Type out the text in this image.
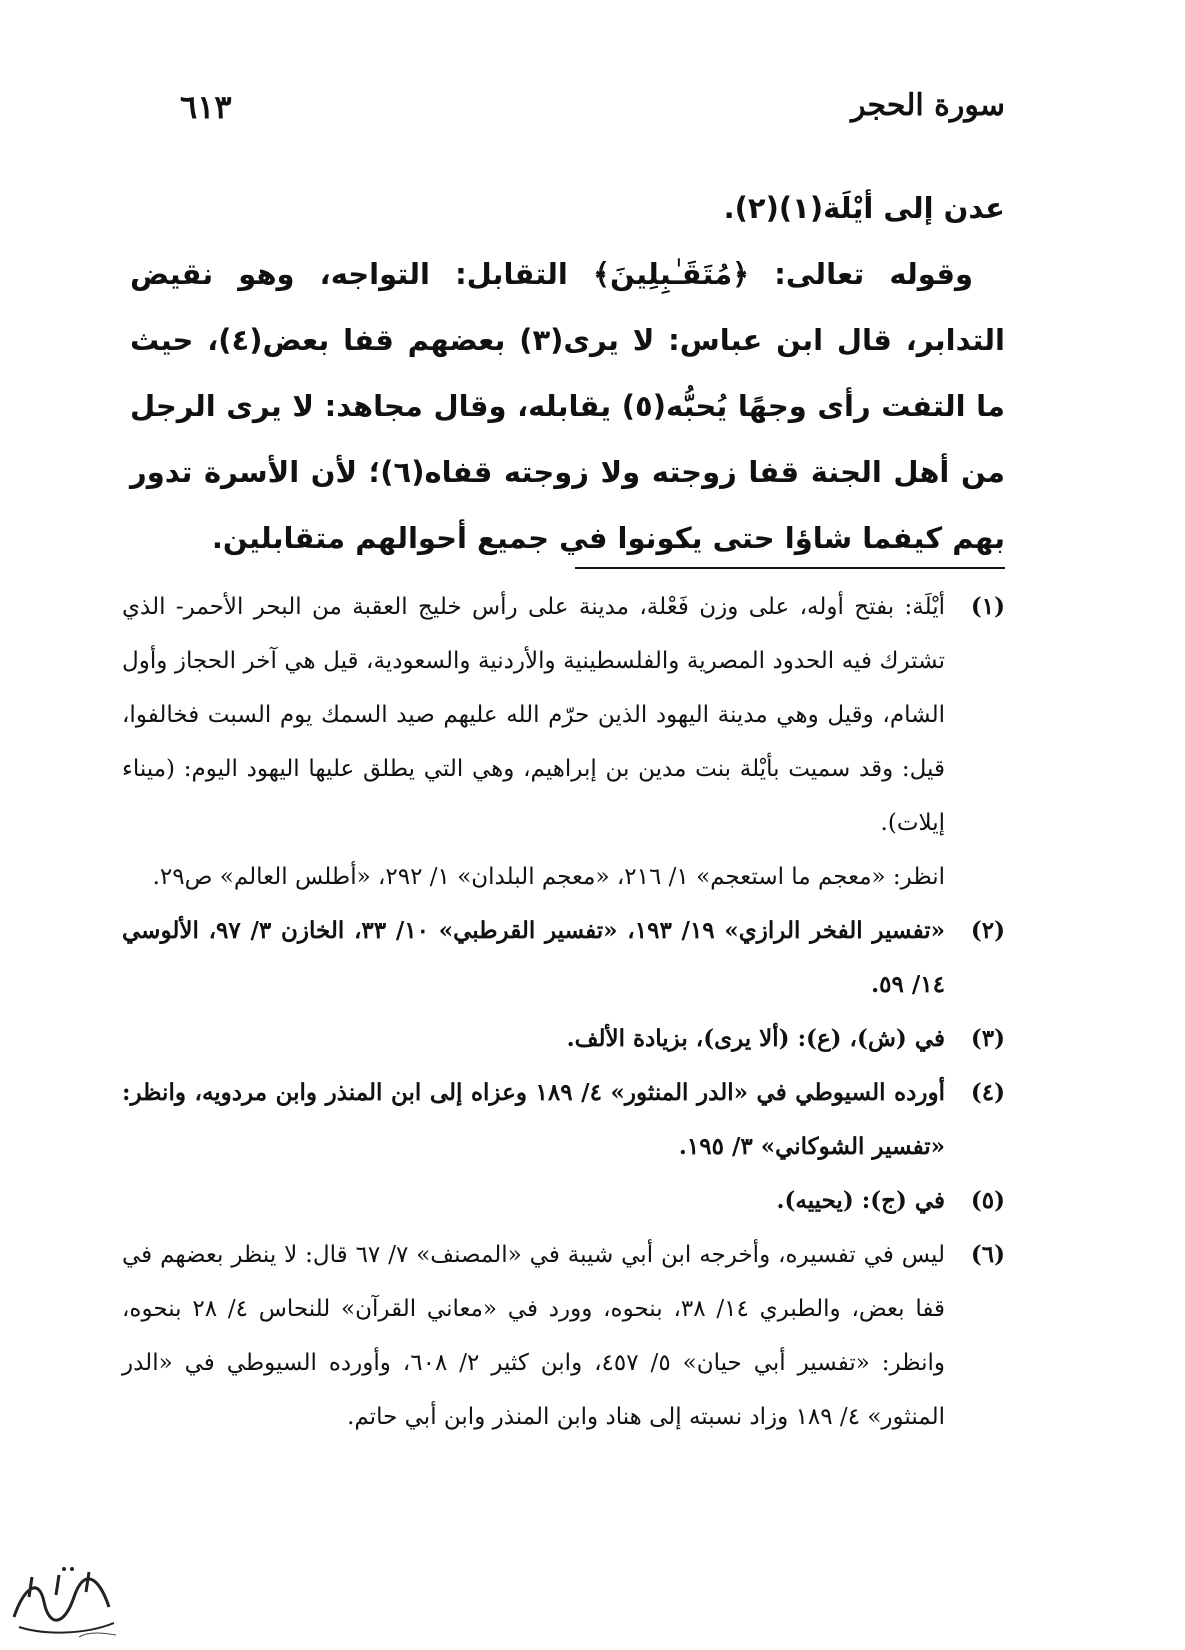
سورة الحجر
٦١٣

عدن إلى أيْلَة(١)(٢).

وقوله تعالى: ﴿مُتَقَـٰبِلِينَ﴾ التقابل: التواجه، وهو نقيض التدابر، قال ابن عباس: لا يرى(٣) بعضهم قفا بعض(٤)، حيث ما التفت رأى وجهًا يُحبُّه(٥) يقابله، وقال مجاهد: لا يرى الرجل من أهل الجنة قفا زوجته ولا زوجته قفاه(٦)؛ لأن الأسرة تدور بهم كيفما شاؤا حتى يكونوا في جميع أحوالهم متقابلين.

(١)
أيْلَة: بفتح أوله، على وزن فَعْلة، مدينة على رأس خليج العقبة من البحر الأحمر- الذي تشترك فيه الحدود المصرية والفلسطينية والأردنية والسعودية، قيل هي آخر الحجاز وأول الشام، وقيل وهي مدينة اليهود الذين حرّم الله عليهم صيد السمك يوم السبت فخالفوا، قيل: وقد سميت بأيْلة بنت مدين بن إبراهيم، وهي التي يطلق عليها اليهود اليوم: (ميناء إيلات).
انظر: «معجم ما استعجم» ١/ ٢١٦، «معجم البلدان» ١/ ٢٩٢، «أطلس العالم» ص٢٩.
(٢)
«تفسير الفخر الرازي» ١٩/ ١٩٣، «تفسير القرطبي» ١٠/ ٣٣، الخازن ٣/ ٩٧، الألوسي ١٤/ ٥٩.
(٣)
في (ش)، (ع): (ألا يرى)، بزيادة الألف.
(٤)
أورده السيوطي في «الدر المنثور» ٤/ ١٨٩ وعزاه إلى ابن المنذر وابن مردويه، وانظر: «تفسير الشوكاني» ٣/ ١٩٥.
(٥)
في (ج): (يحييه).
(٦)
ليس في تفسيره، وأخرجه ابن أبي شيبة في «المصنف» ٧/ ٦٧ قال: لا ينظر بعضهم في قفا بعض، والطبري ١٤/ ٣٨، بنحوه، وورد في «معاني القرآن» للنحاس ٤/ ٢٨ بنحوه، وانظر: «تفسير أبي حيان» ٥/ ٤٥٧، وابن كثير ٢/ ٦٠٨، وأورده السيوطي في «الدر المنثور» ٤/ ١٨٩ وزاد نسبته إلى هناد وابن المنذر وابن أبي حاتم.
